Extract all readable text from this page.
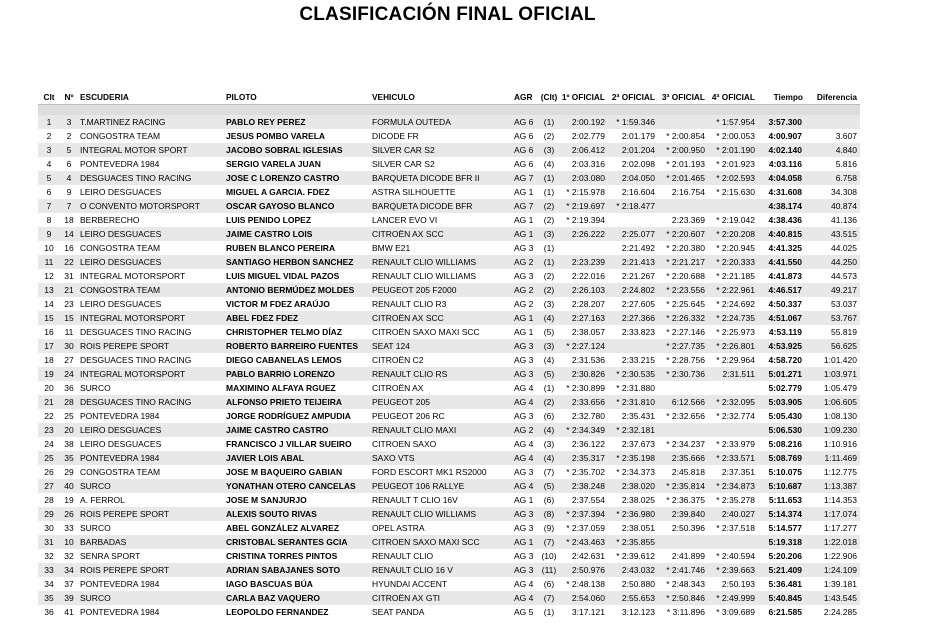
CLASIFICACIÓN FINAL OFICIAL
Clt	Nº	ESCUDERIA	PILOTO	VEHICULO	AGR	(Clt)	1º OFICIAL	2ª OFICIAL	3ª OFICIAL	4ª OFICIAL	Tiempo	Diferencia

1	3	T.MARTINEZ RACING	PABLO REY PEREZ	FORMULA OUTEDA	AG 6	(1)	2:00.192	* 1:59.346		* 1:57.954	3:57.300	
2	2	CONGOSTRA TEAM	JESUS POMBO VARELA	DICODE FR	AG 6	(2)	2:02.779	2:01.179	* 2:00.854	* 2:00.053	4:00.907	3.607
3	5	INTEGRAL MOTOR SPORT	JACOBO SOBRAL IGLESIAS	SILVER CAR S2	AG 6	(3)	2:06.412	2:01.204	* 2:00.950	* 2:01.190	4:02.140	4.840
4	6	PONTEVEDRA 1984	SERGIO VARELA JUAN	SILVER CAR S2	AG 6	(4)	2:03.316	2:02.098	* 2:01.193	* 2:01.923	4:03.116	5.816
5	4	DESGUACES TINO RACING	JOSE C LORENZO CASTRO	BARQUETA DICODE BFR II	AG 7	(1)	2:03.080	2:04.050	* 2:01.465	* 2:02.593	4:04.058	6.758
6	9	LEIRO DESGUACES	MIGUEL A GARCIA. FDEZ	ASTRA SILHOUETTE	AG 1	(1)	* 2:15.978	2:16.604	2:16.754	* 2:15.630	4:31.608	34.308
7	7	O CONVENTO MOTORSPORT	OSCAR GAYOSO BLANCO	BARQUETA DICODE BFR	AG 7	(2)	* 2:19.697	* 2:18.477			4:38.174	40.874
8	18	BERBERECHO	LUIS PENIDO LOPEZ	LANCER EVO VI	AG 1	(2)	* 2:19.394		2:23.369	* 2:19.042	4:38.436	41.136
9	14	LEIRO DESGUACES	JAIME CASTRO LOIS	CITROËN AX SCC	AG 1	(3)	2:26.222	2:25.077	* 2:20.607	* 2:20.208	4:40.815	43.515
10	16	CONGOSTRA TEAM	RUBEN BLANCO PEREIRA	BMW E21	AG 3	(1)		2:21.492	* 2:20.380	* 2:20.945	4:41.325	44.025
11	22	LEIRO DESGUACES	SANTIAGO HERBON SANCHEZ	RENAULT CLIO WILLIAMS	AG 2	(1)	2:23.239	2:21.413	* 2:21.217	* 2:20.333	4:41.550	44.250
12	31	INTEGRAL MOTORSPORT	LUIS MIGUEL VIDAL PAZOS	RENAULT CLIO WILLIAMS	AG 3	(2)	2:22.016	2:21.267	* 2:20.688	* 2:21.185	4:41.873	44.573
13	21	CONGOSTRA TEAM	ANTONIO BERMÚDEZ MOLDES	PEUGEOT 205 F2000	AG 2	(2)	2:26.103	2:24.802	* 2:23.556	* 2:22.961	4:46.517	49.217
14	23	LEIRO DESGUACES	VICTOR M FDEZ ARAÚJO	RENAULT CLIO R3	AG 2	(3)	2:28.207	2:27.605	* 2:25.645	* 2:24.692	4:50.337	53.037
15	15	INTEGRAL MOTORSPORT	ABEL FDEZ FDEZ	CITROËN AX SCC	AG 1	(4)	2:27.163	2:27.366	* 2:26.332	* 2:24.735	4:51.067	53.767
16	11	DESGUACES TINO RACING	CHRISTOPHER TELMO DÍAZ	CITROËN SAXO MAXI SCC	AG 1	(5)	2:38.057	2:33.823	* 2:27.146	* 2:25.973	4:53.119	55.819
17	30	ROIS PEREPE SPORT	ROBERTO BARREIRO FUENTES	SEAT 124	AG 3	(3)	* 2:27.124		* 2:27.735	* 2:26.801	4:53.925	56.625
18	27	DESGUACES TINO RACING	DIEGO CABANELAS LEMOS	CITROËN C2	AG 3	(4)	2:31.536	2:33.215	* 2:28.756	* 2:29.964	4:58.720	1:01.420
19	24	INTEGRAL MOTORSPORT	PABLO BARRIO LORENZO	RENAULT CLIO RS	AG 3	(5)	2:30.826	* 2:30.535	* 2:30.736	2:31.511	5:01.271	1:03.971
20	36	SURCO	MAXIMINO ALFAYA RGUEZ	CITROËN AX	AG 4	(1)	* 2:30.899	* 2:31.880			5:02.779	1:05.479
21	28	DESGUACES TINO RACING	ALFONSO PRIETO TEIJEIRA	PEUGEOT 205	AG 4	(2)	2:33.656	* 2:31.810	6:12.566	* 2:32.095	5:03.905	1:06.605
22	25	PONTEVEDRA 1984	JORGE RODRÍGUEZ AMPUDIA	PEUGEOT 206 RC	AG 3	(6)	2:32.780	2:35.431	* 2:32.656	* 2:32.774	5:05.430	1:08.130
23	20	LEIRO DESGUACES	JAIME CASTRO CASTRO	RENAULT CLIO MAXI	AG 2	(4)	* 2:34.349	* 2:32.181			5:06.530	1:09.230
24	38	LEIRO DESGUACES	FRANCISCO J VILLAR SUEIRO	CITROEN SAXO	AG 4	(3)	2:36.122	2:37.673	* 2:34.237	* 2:33.979	5:08.216	1:10.916
25	35	PONTEVEDRA 1984	JAVIER LOIS ABAL	SAXO VTS	AG 4	(4)	2:35.317	* 2:35.198	2:35.666	* 2:33.571	5:08.769	1:11.469
26	29	CONGOSTRA TEAM	JOSE M BAQUEIRO GABIAN	FORD ESCORT MK1 RS2000	AG 3	(7)	* 2:35.702	* 2:34.373	2:45.818	2:37.351	5:10.075	1:12.775
27	40	SURCO	YONATHAN OTERO CANCELAS	PEUGEOT 106 RALLYE	AG 4	(5)	2:38.248	2:38.020	* 2:35.814	* 2:34.873	5:10.687	1:13.387
28	19	A. FERROL	JOSE M SANJURJO	RENAULT T CLIO 16V	AG 1	(6)	2:37.554	2:38.025	* 2:36.375	* 2:35.278	5:11.653	1:14.353
29	26	ROIS PEREPE SPORT	ALEXIS SOUTO RIVAS	RENAULT CLIO WILLIAMS	AG 3	(8)	* 2:37.394	* 2:36.980	2:39.840	2:40.027	5:14.374	1:17.074
30	33	SURCO	ABEL GONZÁLEZ ALVAREZ	OPEL ASTRA	AG 3	(9)	* 2:37.059	2:38.051	2:50.396	* 2:37.518	5:14.577	1:17.277
31	10	BARBADAS	CRISTOBAL SERANTES GCIA	CITROEN SAXO MAXI SCC	AG 1	(7)	* 2:43.463	* 2:35.855			5:19.318	1:22.018
32	32	SENRA SPORT	CRISTINA TORRES PINTOS	RENAULT CLIO	AG 3	(10)	2:42.631	* 2:39.612	2:41.899	* 2:40.594	5:20.206	1:22.906
33	34	ROIS PEREPE SPORT	ADRIAN SABAJANES SOTO	RENAULT CLIO 16 V	AG 3	(11)	2:50.976	2:43.032	* 2:41.746	* 2:39.663	5:21.409	1:24.109
34	37	PONTEVEDRA 1984	IAGO BASCUAS BÚA	HYUNDAI ACCENT	AG 4	(6)	* 2:48.138	2:50.880	* 2:48.343	2:50.193	5:36.481	1:39.181
35	39	SURCO	CARLA BAZ VAQUERO	CITROËN AX GTI	AG 4	(7)	2:54.060	2:55.653	* 2:50.846	* 2:49.999	5:40.845	1:43.545
36	41	PONTEVEDRA 1984	LEOPOLDO FERNANDEZ	SEAT PANDA	AG 5	(1)	3:17.121	3:12.123	* 3:11.896	* 3:09.689	6:21.585	2:24.285
